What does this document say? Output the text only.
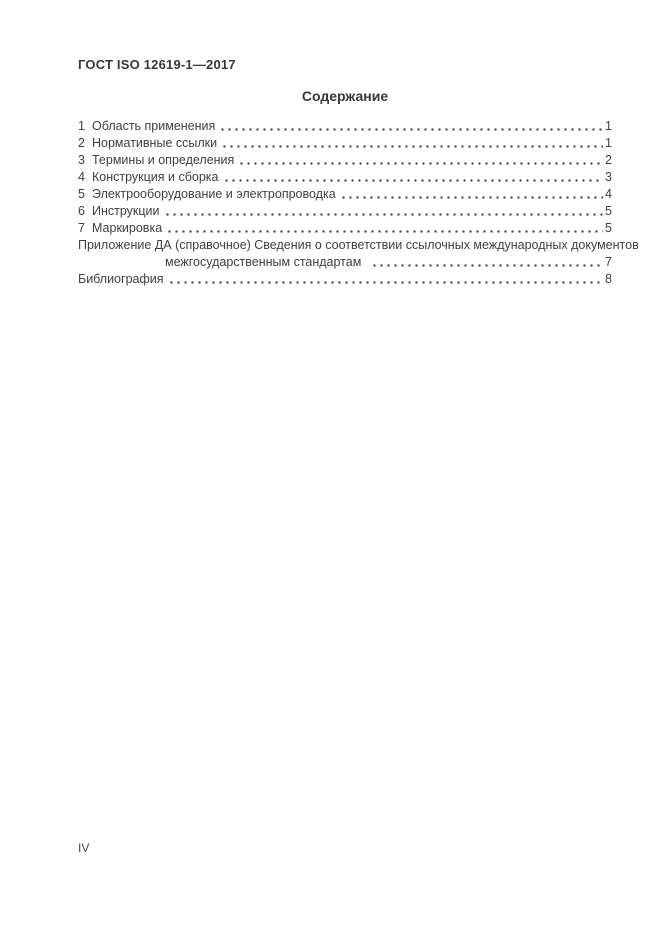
ГОСТ ISO 12619-1—2017
Содержание
1 Область применения	1
2 Нормативные ссылки	1
3 Термины и определения	2
4 Конструкция и сборка	3
5 Электрооборудование и электропроводка	4
6 Инструкции	5
7 Маркировка	5
Приложение ДА (справочное) Сведения о соответствии ссылочных международных документов
межгосударственным стандартам	7
Библиография	8
IV
